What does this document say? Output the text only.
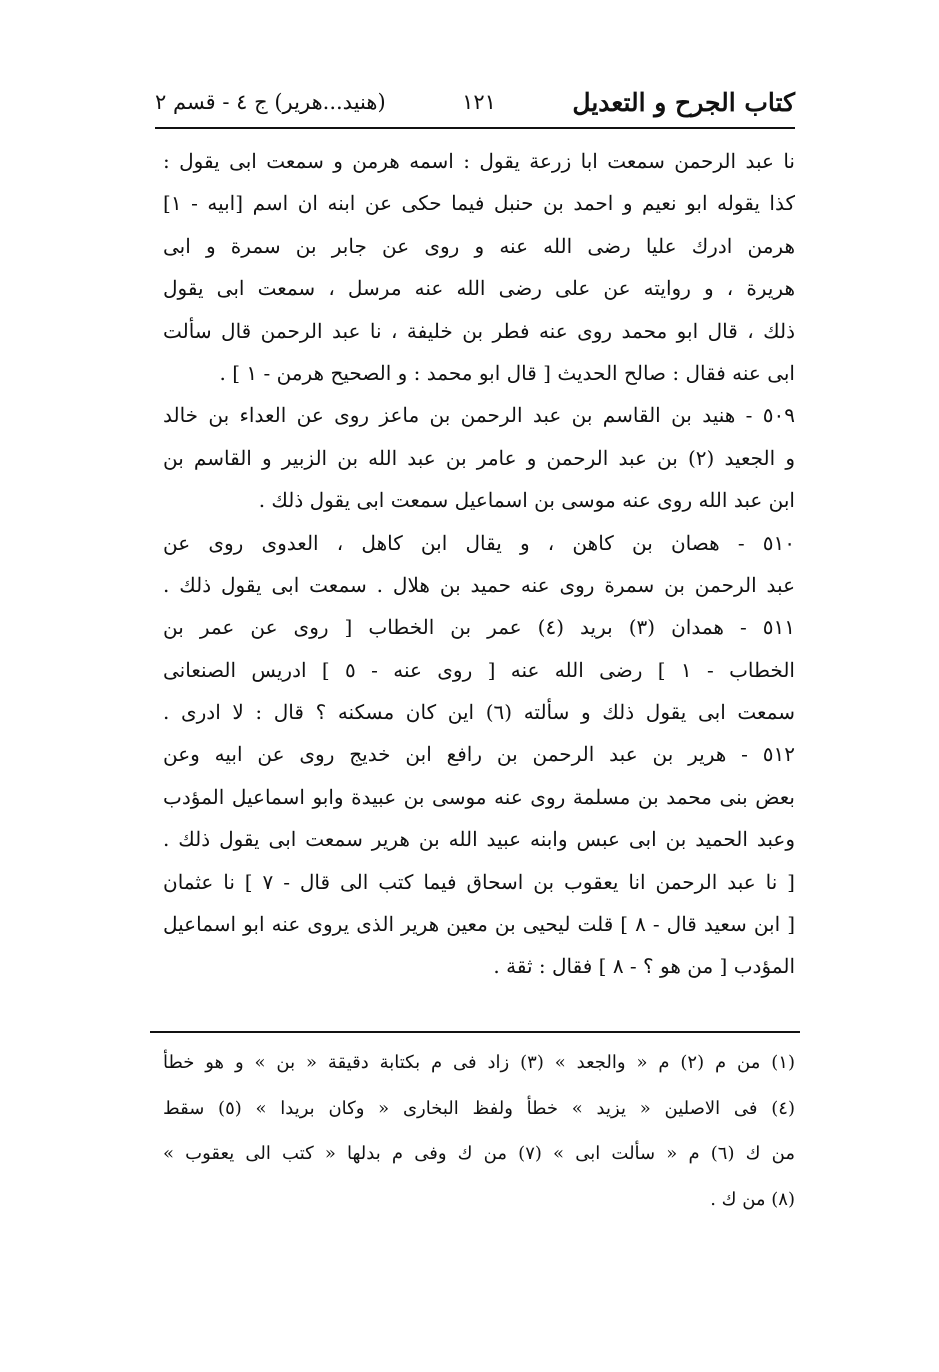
كتاب الجرح و التعديل
١٢١
(هنيد...هرير) ج ٤ - قسم ٢
نا عبد الرحمن سمعت ابا زرعة يقول : اسمه هرمن و سمعت ابى يقول :
كذا يقوله ابو نعيم و احمد بن حنبل فيما حكى عن ابنه ان اسم [ابيه - ١]
هرمن ادرك عليا رضى الله عنه و روى عن جابر بن سمرة و ابى
هريرة ، و روايته عن على رضى الله عنه مرسل ، سمعت ابى يقول
ذلك ، قال ابو محمد روى عنه فطر بن خليفة ، نا عبد الرحمن قال سألت
ابى عنه فقال : صالح الحديث [ قال ابو محمد : و الصحيح هرمن - ١ ] .
٥٠٩ - هنيد بن القاسم بن عبد الرحمن بن ماعز روى عن العداء بن خالد
و الجعيد (٢) بن عبد الرحمن و عامر بن عبد الله بن الزبير و القاسم بن
ابن عبد الله روى عنه موسى بن اسماعيل سمعت ابى يقول ذلك .
٥١٠ - هصان بن كاهن ، و يقال ابن كاهل ، العدوى روى عن
عبد الرحمن بن سمرة روى عنه حميد بن هلال . سمعت ابى يقول ذلك .
٥١١ - همدان (٣) بريد (٤) عمر بن الخطاب [ روى عن عمر بن
الخطاب - ١ ] رضى الله عنه [ روى عنه - ٥ ] ادريس الصنعانى
سمعت ابى يقول ذلك و سألته (٦) اين كان مسكنه ؟ قال : لا ادرى .
٥١٢ - هرير بن عبد الرحمن بن رافع ابن خديج روى عن ابيه وعن
بعض بنى محمد بن مسلمة روى عنه موسى بن عبيدة وابو اسماعيل المؤدب
وعبد الحميد بن ابى عبس وابنه عبيد الله بن هرير سمعت ابى يقول ذلك .
[ نا عبد الرحمن انا يعقوب بن اسحاق فيما كتب الى قال - ٧ ] نا عثمان
[ ابن سعيد قال - ٨ ] قلت ليحيى بن معين هرير الذى يروى عنه ابو اسماعيل
المؤدب [ من هو ؟ - ٨ ] فقال : ثقة .
(١) من م (٢) م « والجعد » (٣) زاد فى م بكتابة دقيقة « بن » و هو خطأ
(٤) فى الاصلين « يزيد » خطأ ولفظ البخارى « وكان بريدا » (٥) سقط
من ك (٦) م « سألت ابى » (٧) من ك وفى م بدلها « كتب الى يعقوب »
(٨) من ك .
